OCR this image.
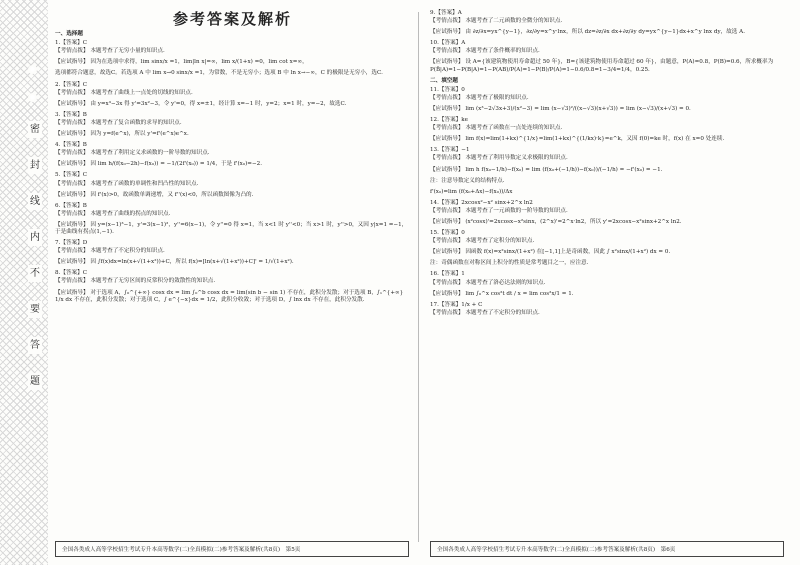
●
●
密
封
线
内
不
要
答
题
参考答案及解析
一、选择题
1.【答案】C

【考情点拨】 本题考查了无穷小量的知识点.

【应试指导】 因为在选项中求得，lim sinx/x =1，lim|ln x|=∞，lim x/(1+x) =0，lim cot x=∞，

选项都符合题意，故选C。若选项 A 中 lim x→0 sinx/x =1，为常数，不是无穷小；选项 B 中 ln x→−∞，C 的极限是无穷小，选C.

2.【答案】C

【考情点拨】 本题考查了曲线上一点处的切线的知识点.

【应试指导】 由 y=x³−3x 得 y'=3x²−3，令 y'=0，得 x=±1，经计算 x=−1 时，y=2；x=1 时，y=−2，故选C.

3.【答案】B

【考情点拨】 本题考查了复合函数的求导的知识点.

【应试指导】 因为 y=f(e^x)，所以 y'=f'(e^x)e^x.

4.【答案】B

【考情点拨】 本题考查了利用定义求函数的一阶导数的知识点.

【应试指导】 因 lim h/(f(x₀−2h)−f(x₀)) = −1/(2f'(x₀)) = 1/4，于是 f'(x₀)=−2.

5.【答案】C

【考情点拨】 本题考查了函数的单调性和凹凸性的知识点.

【应试指导】 因 f'(x)>0，故函数单调递增，又 f''(x)<0，所以函数图像为凸的.

6.【答案】B

【考情点拨】 本题考查了曲线的拐点的知识点.

【应试指导】 因 y=(x−1)³−1，y'=3(x−1)²，y''=6(x−1)，令 y''=0 得 x=1，当 x<1 时 y''<0；当 x>1 时，y''>0，又因 y|x=1 =−1，于是曲线有拐点(1,−1).

7.【答案】D

【考情点拨】 本题考查了不定积分的知识点.

【应试指导】 因 ∫f(x)dx=ln(x+√(1+x²))+C，所以 f(x)=[ln(x+√(1+x²))+C]' = 1/√(1+x²).

8.【答案】C

【考情点拨】 本题考查了无穷区间的反常积分的敛散性的知识点.

【应试指导】 对于选项 A，∫₀^{+∞} cosx dx = lim ∫₀^b cosx dx = lim(sin b − sin 1) 不存在，此积分发散；对于选项 B，∫₁^{+∞} 1/x dx 不存在，此积分发散；对于选项 C，∫ e^{−x}dx = 1/2，此积分收敛；对于选项 D，∫ lnx dx 不存在，此积分发散.

9.【答案】A

【考情点拨】 本题考查了二元函数的全微分的知识点.

【应试指导】 由 ∂z/∂x=yx^{y−1}，∂z/∂y=x^y·lnx，所以 dz=∂z/∂x dx+∂z/∂y dy=yx^{y−1}dx+x^y lnx dy，故选 A.

10.【答案】A

【考情点拨】 本题考查了条件概率的知识点.

【应试指导】 设 A={该建筑物使用寿命超过 50 年}，B={该建筑物使用寿命超过 60 年}，由题意，P(A)=0.8，P(B)=0.6，所求概率为 P(B̄|A)=1−P(B|A)=1−P(AB)/P(A)=1−P(B)/P(A)=1−0.6/0.8=1−3/4=1/4，0.25.

二、填空题
11.【答案】0

【考情点拨】 本题考查了极限的知识点.

【应试指导】 lim (x³−2√3x+3)/(x²−3) = lim (x−√3)²/((x−√3)(x+√3)) = lim (x−√3)/(x+√3) = 0.

12.【答案】ke

【考情点拨】 本题考查了函数在一点处连续的知识点.

【应试指导】 lim f(x)=lim(1+kx)^{1/x}=lim(1+kx)^{(1/kx)·k}=e^k，又因 f(0)=ke 时，f(x) 在 x=0 处连续.

13.【答案】−1

【考情点拨】 本题考查了利用导数定义求极限的知识点.

【应试指导】 lim h f(x₀−1/h)−f(x₀) = lim (f(x₀+(−1/h))−f(x₀))/(−1/h) = −f'(x₀) = −1.

注：注意导数定义的结构特点.

f'(x₀)=lim (f(x₀+Δx)−f(x₀))/Δx

14.【答案】2xcosx²−x² sinx+2^x ln2

【考情点拨】 本题考查了一元函数的一阶导数的知识点.

【应试指导】 (x²cosx)'=2xcosx−x²sinx，(2^x)'=2^x·ln2，所以 y'=2xcosx−x²sinx+2^x ln2.

15.【答案】0

【考情点拨】 本题考查了定积分的知识点.

【应试指导】 因函数 f(x)=x²sinx/(1+x²) 在[−1,1]上是奇函数，因此 ∫ x²sinx/(1+x²) dx = 0.

注：奇偶函数在对称区间上积分的性质是常考题目之一，应注意.

16.【答案】1

【考情点拨】 本题考查了洛必达法则的知识点.

【应试指导】 lim ∫₀^x cos²t dt / x = lim cos²x/1 = 1.

17.【答案】1/x + C

【考情点拨】 本题考查了不定积分的知识点.

全国各类成人高等学校招生考试专升本高等数学(二)全真模拟(二)参考答案及解析(共8页)　第5页	全国各类成人高等学校招生考试专升本高等数学(二)全真模拟(二)参考答案及解析(共8页)　第6页
